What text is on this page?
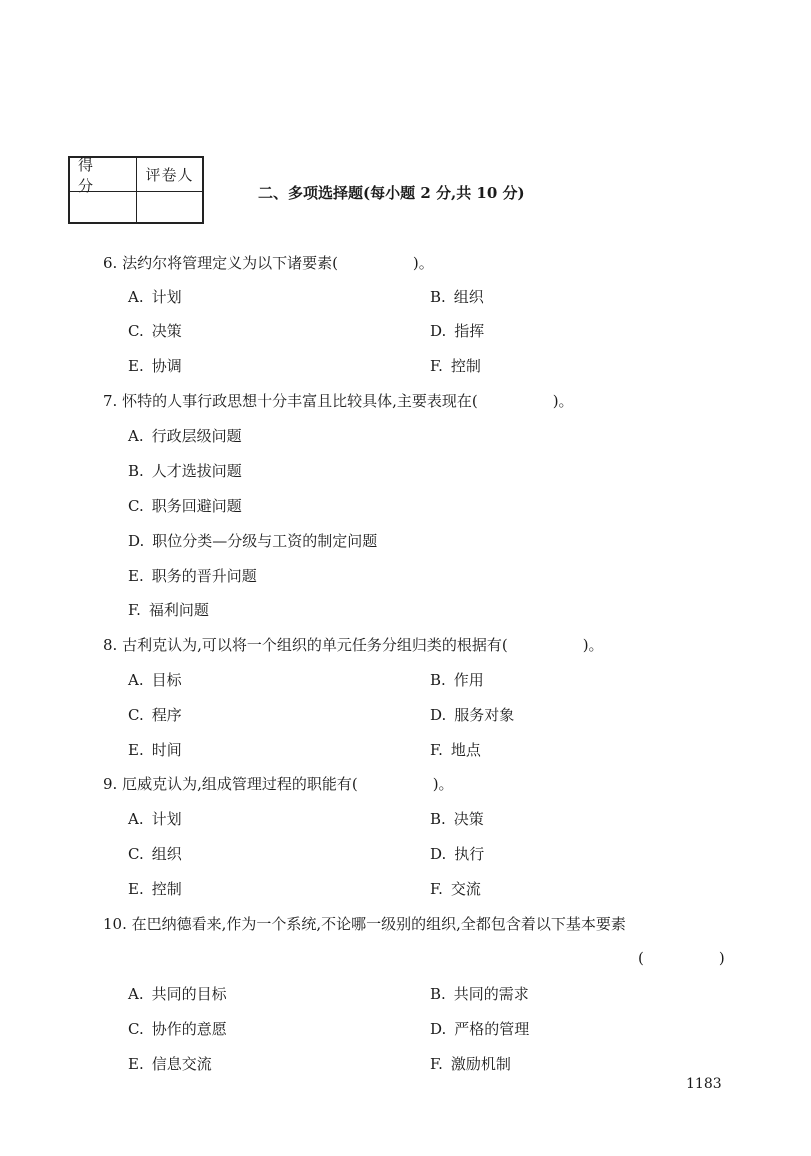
得 分
评卷人
二、多项选择题(每小题 2 分,共 10 分)
6. 法约尔将管理定义为以下诸要素(　　　　　)。
A. 计划	B. 组织
C. 决策	D. 指挥
E. 协调	F. 控制
7. 怀特的人事行政思想十分丰富且比较具体,主要表现在(　　　　　)。
A. 行政层级问题
B. 人才选拔问题
C. 职务回避问题
D. 职位分类—分级与工资的制定问题
E. 职务的晋升问题
F. 福利问题
8. 古利克认为,可以将一个组织的单元任务分组归类的根据有(　　　　　)。
A. 目标	B. 作用
C. 程序	D. 服务对象
E. 时间	F. 地点
9. 厄威克认为,组成管理过程的职能有(　　　　　)。
A. 计划	B. 决策
C. 组织	D. 执行
E. 控制	F. 交流
10. 在巴纳德看来,作为一个系统,不论哪一级别的组织,全都包含着以下基本要素
(　　　　　)
A. 共同的目标	B. 共同的需求
C. 协作的意愿	D. 严格的管理
E. 信息交流	F. 激励机制
1183
